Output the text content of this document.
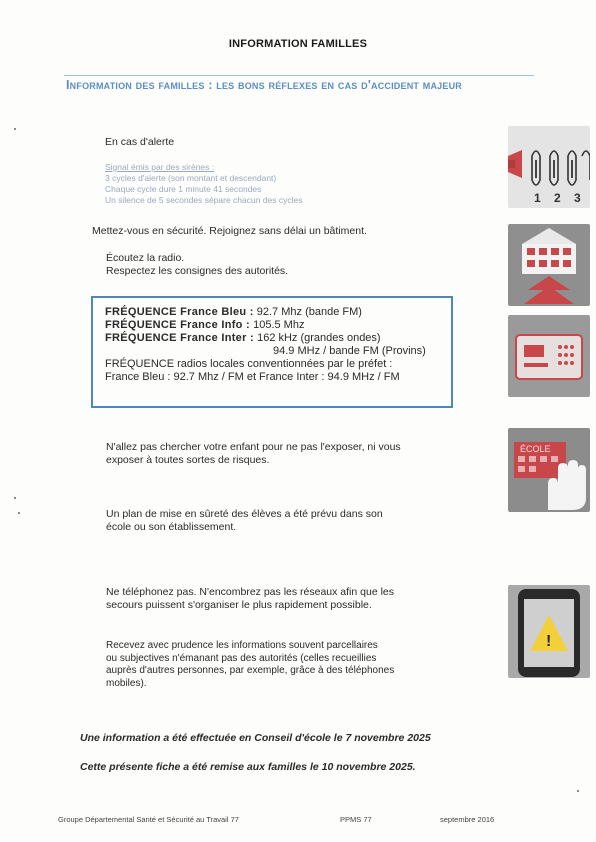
INFORMATION FAMILLES
Information des familles : les bons réflexes en cas d'accident majeur
En cas d'alerte
Signal émis par des sirènes :
3 cycles d'alerte (son montant et descendant)
Chaque cycle dure 1 minute 41 secondes
Un silence de 5 secondes sépare chacun des cycles
Mettez-vous en sécurité. Rejoignez sans délai un bâtiment.
Écoutez la radio.
Respectez les consignes des autorités.
FRÉQUENCE France Bleu : 92.7 Mhz (bande FM)
FRÉQUENCE France Info : 105.5 Mhz
FRÉQUENCE France Inter : 162 kHz (grandes ondes)
94.9 MHz / bande FM (Provins)
FRÉQUENCE radios locales conventionnées par le préfet :
France Bleu : 92.7 Mhz / FM et France Inter : 94.9 MHz / FM
N'allez pas chercher votre enfant pour ne pas l'exposer, ni vous
exposer à toutes sortes de risques.
Un plan de mise en sûreté des élèves a été prévu dans son
école ou son établissement.
Ne téléphonez pas. N'encombrez pas les réseaux afin que les
secours puissent s'organiser le plus rapidement possible.
Recevez avec prudence les informations souvent parcellaires
ou subjectives n'émanant pas des autorités (celles recueillies
auprès d'autres personnes, par exemple, grâce à des téléphones
mobiles).
Une information a été effectuée en Conseil d'école le 7 novembre 2025
Cette présente fiche a été remise aux familles le 10 novembre 2025.
Groupe Départemental Santé et Sécurité au Travail 77	PPMS 77	septembre 2016
1 2 3
ÉCOLE
!
